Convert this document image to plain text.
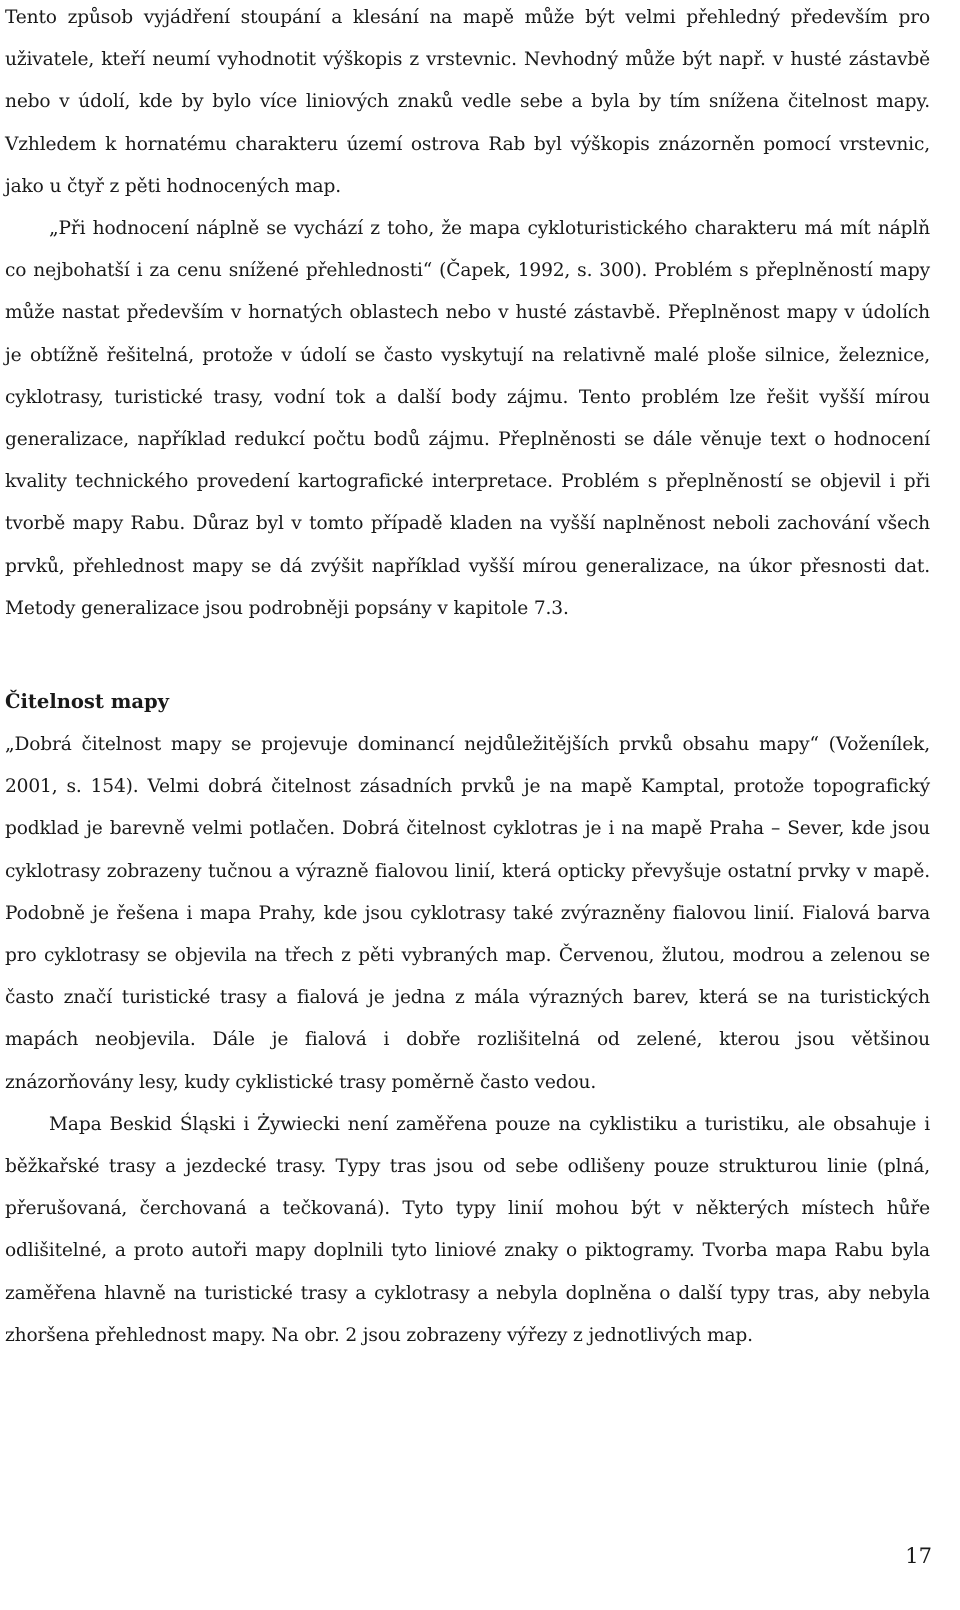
Tento způsob vyjádření stoupání a klesání na mapě může být velmi přehledný především pro uživatele, kteří neumí vyhodnotit výškopis z vrstevnic. Nevhodný může být např. v husté zástavbě nebo v údolí, kde by bylo více liniových znaků vedle sebe a byla by tím snížena čitelnost mapy. Vzhledem k hornatému charakteru území ostrova Rab byl výškopis znázorněn pomocí vrstevnic, jako u čtyř z pěti hodnocených map.

„Při hodnocení náplně se vychází z toho, že mapa cykloturistického charakteru má mít náplň co nejbohatší i za cenu snížené přehlednosti“ (Čapek, 1992, s. 300). Problém s přeplněností mapy může nastat především v hornatých oblastech nebo v husté zástavbě. Přeplněnost mapy v údolích je obtížně řešitelná, protože v údolí se často vyskytují na relativně malé ploše silnice, železnice, cyklotrasy, turistické trasy, vodní tok a další body zájmu. Tento problém lze řešit vyšší mírou generalizace, například redukcí počtu bodů zájmu. Přeplněnosti se dále věnuje text o hodnocení kvality technického provedení kartografické interpretace. Problém s přeplněností se objevil i při tvorbě mapy Rabu. Důraz byl v tomto případě kladen na vyšší naplněnost neboli zachování všech prvků, přehlednost mapy se dá zvýšit například vyšší mírou generalizace, na úkor přesnosti dat. Metody generalizace jsou podrobněji popsány v kapitole 7.3.

Čitelnost mapy

„Dobrá čitelnost mapy se projevuje dominancí nejdůležitějších prvků obsahu mapy“ (Voženílek, 2001, s. 154). Velmi dobrá čitelnost zásadních prvků je na mapě Kamptal, protože topografický podklad je barevně velmi potlačen. Dobrá čitelnost cyklotras je i na mapě Praha – Sever, kde jsou cyklotrasy zobrazeny tučnou a výrazně fialovou linií, která opticky převyšuje ostatní prvky v mapě. Podobně je řešena i mapa Prahy, kde jsou cyklotrasy také zvýrazněny fialovou linií. Fialová barva pro cyklotrasy se objevila na třech z pěti vybraných map. Červenou, žlutou, modrou a zelenou se často značí turistické trasy a fialová je jedna z mála výrazných barev, která se na turistických mapách neobjevila. Dále je fialová i dobře rozlišitelná od zelené, kterou jsou většinou znázorňovány lesy, kudy cyklistické trasy poměrně často vedou.

Mapa Beskid Śląski i Żywiecki není zaměřena pouze na cyklistiku a turistiku, ale obsahuje i běžkařské trasy a jezdecké trasy. Typy tras jsou od sebe odlišeny pouze strukturou linie (plná, přerušovaná, čerchovaná a tečkovaná). Tyto typy linií mohou být v některých místech hůře odlišitelné, a proto autoři mapy doplnili tyto liniové znaky o piktogramy. Tvorba mapa Rabu byla zaměřena hlavně na turistické trasy a cyklotrasy a nebyla doplněna o další typy tras, aby nebyla zhoršena přehlednost mapy. Na obr. 2 jsou zobrazeny výřezy z jednotlivých map.

17
